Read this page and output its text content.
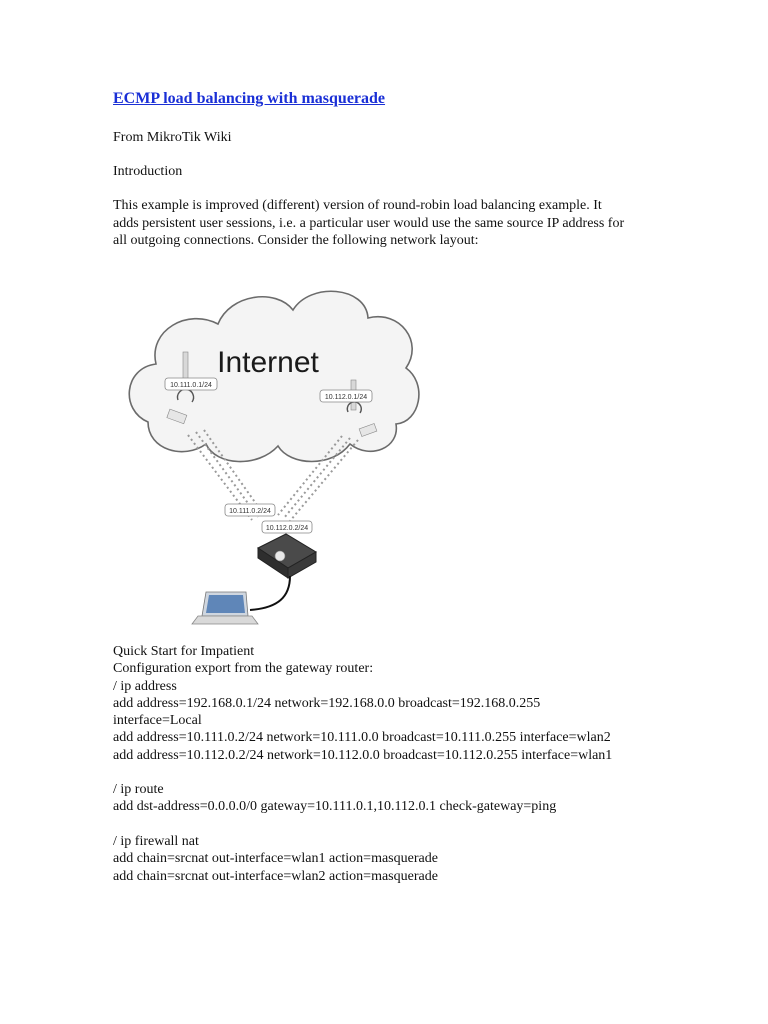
ECMP load balancing with masquerade
From MikroTik Wiki
Introduction
This example is improved (different) version of round-robin load balancing example. It
adds persistent user sessions, i.e. a particular user would use the same source IP address for
all outgoing connections. Consider the following network layout:
Internet
10.111.0.1/24
10.112.0.1/24
10.111.0.2/24
10.112.0.2/24
Quick Start for Impatient
Configuration export from the gateway router:
/ ip address
add address=192.168.0.1/24 network=192.168.0.0 broadcast=192.168.0.255
interface=Local
add address=10.111.0.2/24 network=10.111.0.0 broadcast=10.111.0.255 interface=wlan2
add address=10.112.0.2/24 network=10.112.0.0 broadcast=10.112.0.255 interface=wlan1
/ ip route
add dst-address=0.0.0.0/0 gateway=10.111.0.1,10.112.0.1 check-gateway=ping
/ ip firewall nat
add chain=srcnat out-interface=wlan1 action=masquerade
add chain=srcnat out-interface=wlan2 action=masquerade
